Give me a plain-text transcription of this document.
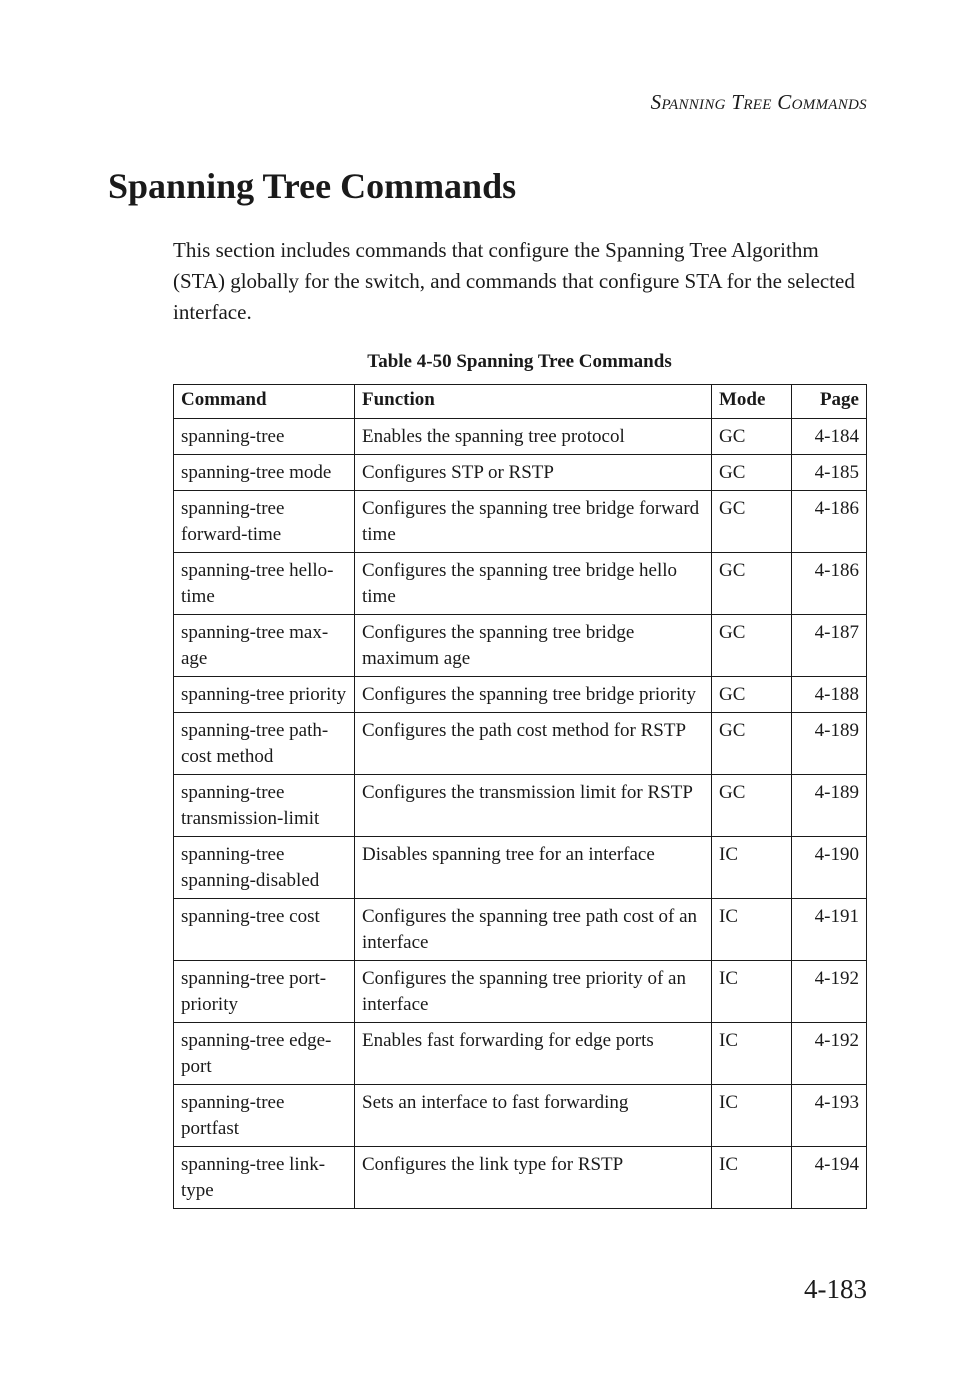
Spanning Tree Commands
Spanning Tree Commands

This section includes commands that configure the Spanning Tree Algorithm (STA) globally for the switch, and commands that configure STA for the selected interface.

Table 4-50 Spanning Tree Commands
Command	Function	Mode	Page
spanning-tree	Enables the spanning tree protocol	GC	4-184
spanning-tree mode	Configures STP or RSTP	GC	4-185
spanning-tree forward-time	Configures the spanning tree bridge forward time	GC	4-186
spanning-tree hello-time	Configures the spanning tree bridge hello time	GC	4-186
spanning-tree max-age	Configures the spanning tree bridge maximum age	GC	4-187
spanning-tree priority	Configures the spanning tree bridge priority	GC	4-188
spanning-tree path-cost method	Configures the path cost method for RSTP	GC	4-189
spanning-tree transmission-limit	Configures the transmission limit for RSTP	GC	4-189
spanning-tree spanning-disabled	Disables spanning tree for an interface	IC	4-190
spanning-tree cost	Configures the spanning tree path cost of an interface	IC	4-191
spanning-tree port-priority	Configures the spanning tree priority of an interface	IC	4-192
spanning-tree edge-port	Enables fast forwarding for edge ports	IC	4-192
spanning-tree portfast	Sets an interface to fast forwarding	IC	4-193
spanning-tree link-type	Configures the link type for RSTP	IC	4-194
4-183
